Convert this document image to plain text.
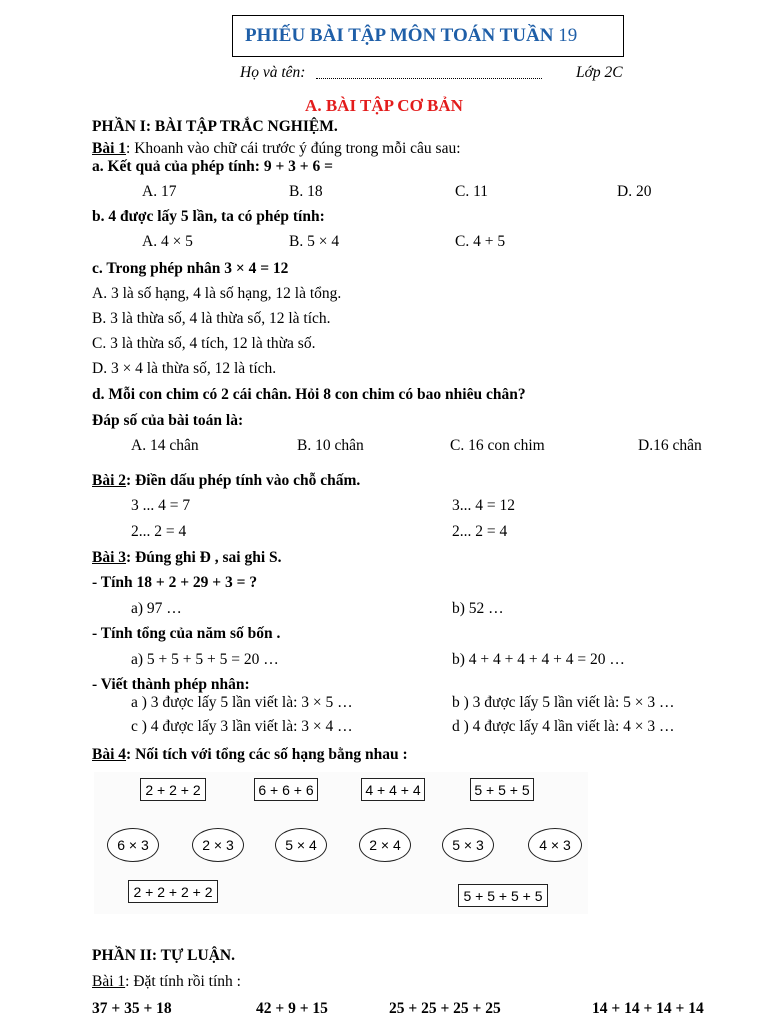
PHIẾU BÀI TẬP MÔN TOÁN TUẦN 19
Họ và tên:	Lớp 2C
A. BÀI TẬP CƠ BẢN
PHẦN I: BÀI TẬP TRẮC NGHIỆM.
Bài 1: Khoanh vào chữ cái trước ý đúng trong mỗi câu sau:
a. Kết quả của phép tính: 9 + 3 + 6 =
A. 17	B. 18	C. 11	D. 20
b. 4 được lấy 5 lần, ta có phép tính:
A. 4 × 5	B. 5 × 4	C. 4 + 5
c. Trong phép nhân 3 × 4 = 12
A. 3 là số hạng, 4 là số hạng, 12 là tổng.
B. 3 là thừa số, 4 là thừa số, 12 là tích.
C. 3 là thừa số, 4 tích, 12 là thừa số.
D. 3 × 4 là thừa số, 12 là tích.
d. Mỗi con chim có 2 cái chân. Hỏi 8 con chim có bao nhiêu chân?
Đáp số của bài toán là:
A. 14 chân	B. 10 chân	C. 16 con chim	D.16 chân
Bài 2: Điền dấu phép tính vào chỗ chấm.
3 ... 4 = 7	3... 4 = 12
2... 2 = 4	2... 2 = 4
Bài 3: Đúng ghi Đ , sai ghi S.
- Tính 18 + 2 + 29 + 3 = ?
a) 97 …	b) 52 …
- Tính tổng của năm số bốn .
a) 5 + 5 + 5 + 5 = 20 …	b) 4 + 4 + 4 + 4 + 4 = 20 …
- Viết thành phép nhân:
a ) 3 được lấy 5 lần viết là: 3 × 5 …	b ) 3 được lấy 5 lần viết là: 5 × 3 …
c ) 4 được lấy 3 lần viết là: 3 × 4 …	d ) 4 được lấy 4 lần viết là: 4 × 3 …
Bài 4: Nối tích với tổng các số hạng bằng nhau :
2 + 2 + 2	6 + 6 + 6	4 + 4 + 4	5 + 5 + 5
6 × 3	2 × 3	5 × 4	2 × 4	5 × 3	4 × 3
2 + 2 + 2 + 2	5 + 5 + 5 + 5
PHẦN II: TỰ LUẬN.
Bài 1: Đặt tính rồi tính :
37 + 35 + 18	42 + 9 + 15	25 + 25 + 25 + 25	14 + 14 + 14 + 14
